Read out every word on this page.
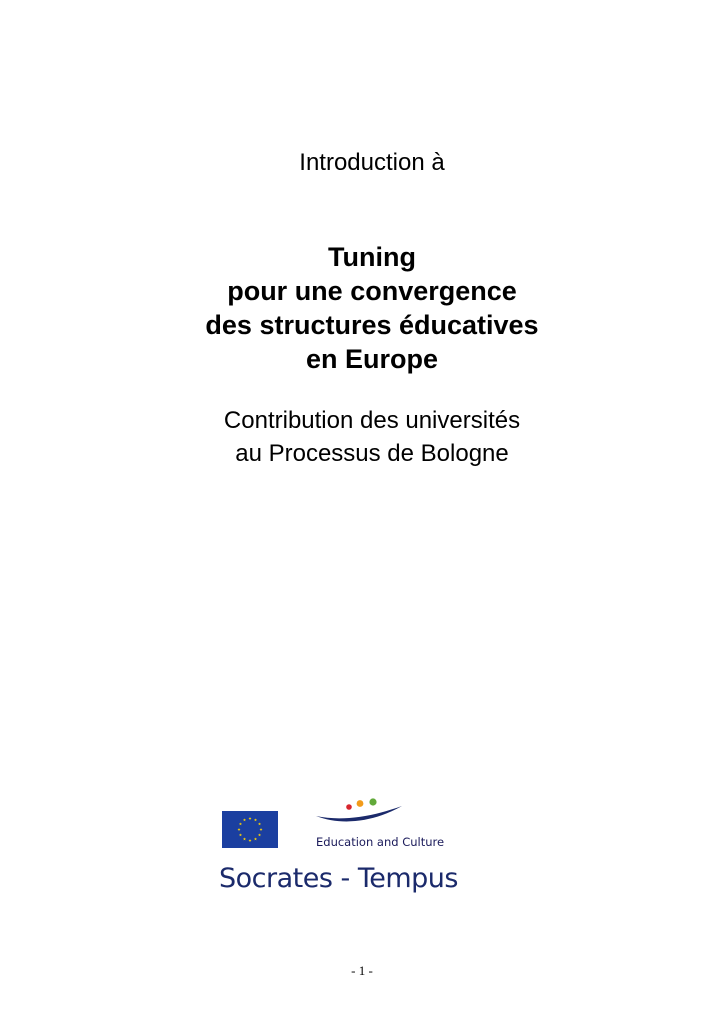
Introduction à
Tuning
pour une convergence
des structures éducatives
en Europe
Contribution des universités
au Processus de Bologne
Education and Culture
Socrates - Tempus
- 1 -
